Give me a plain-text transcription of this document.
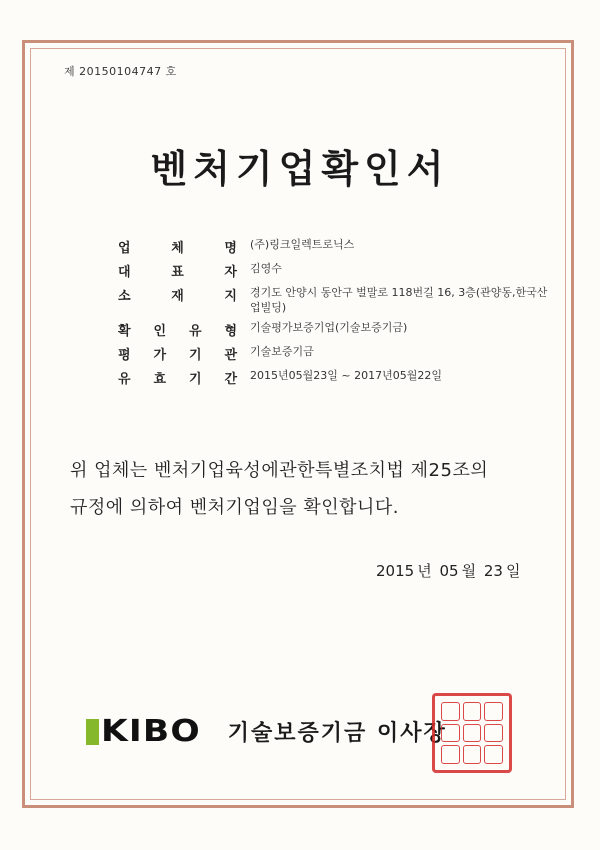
제 20150104747 호
벤처기업확인서
업 체 명	(주)링크일렉트로닉스
대 표 자	김영수
소 재 지	경기도 안양시 동안구 벌말로 118번길 16, 3층(관양동,한국산업빌딩)
확 인 유 형	기술평가보증기업(기술보증기금)
평 가 기 관	기술보증기금
유 효 기 간	2015년05월23일 ~ 2017년05월22일
위 업체는 벤처기업육성에관한특별조치법 제25조의
규정에 의하여 벤처기업임을 확인합니다.
2015 년 05 월 23 일
KIBO 기술보증기금 이사장
